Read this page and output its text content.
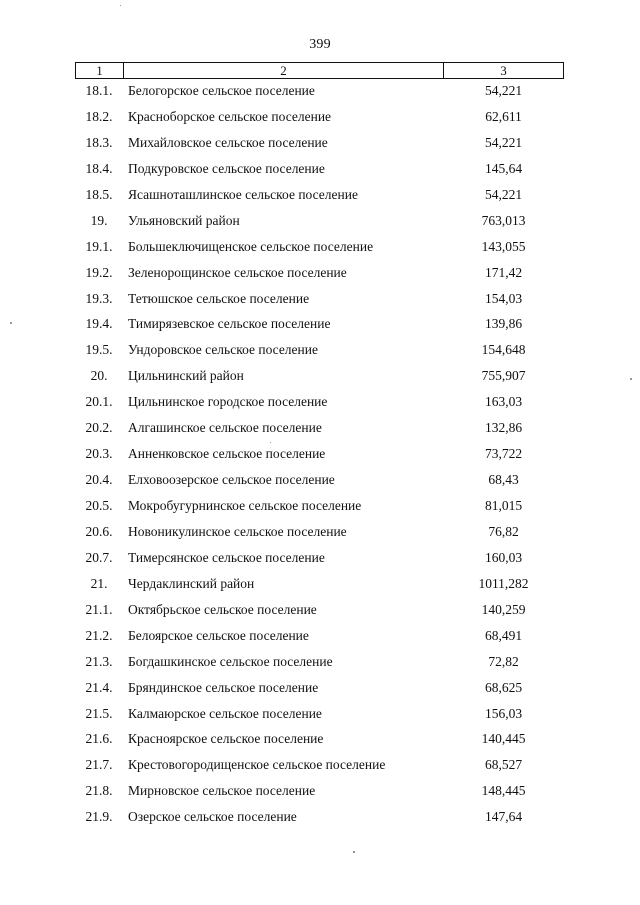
399
1	2	3
18.1.	Белогорское сельское поселение	54,221
18.2.	Красноборское сельское поселение	62,611
18.3.	Михайловское сельское поселение	54,221
18.4.	Подкуровское сельское поселение	145,64
18.5.	Ясашноташлинское сельское поселение	54,221
19.	Ульяновский район	763,013
19.1.	Большеключищенское сельское поселение	143,055
19.2.	Зеленорощинское сельское поселение	171,42
19.3.	Тетюшское сельское поселение	154,03
19.4.	Тимирязевское сельское поселение	139,86
19.5.	Ундоровское сельское поселение	154,648
20.	Цильнинский район	755,907
20.1.	Цильнинское городское поселение	163,03
20.2.	Алгашинское сельское поселение	132,86
20.3.	Анненковское сельское поселение	73,722
20.4.	Елховоозерское сельское поселение	68,43
20.5.	Мокробугурнинское сельское поселение	81,015
20.6.	Новоникулинское сельское поселение	76,82
20.7.	Тимерсянское сельское поселение	160,03
21.	Чердаклинский район	1011,282
21.1.	Октябрьское сельское поселение	140,259
21.2.	Белоярское сельское поселение	68,491
21.3.	Богдашкинское сельское поселение	72,82
21.4.	Бряндинское сельское поселение	68,625
21.5.	Калмаюрское сельское поселение	156,03
21.6.	Красноярское сельское поселение	140,445
21.7.	Крестовогородищенское сельское поселение	68,527
21.8.	Мирновское сельское поселение	148,445
21.9.	Озерское сельское поселение	147,64
